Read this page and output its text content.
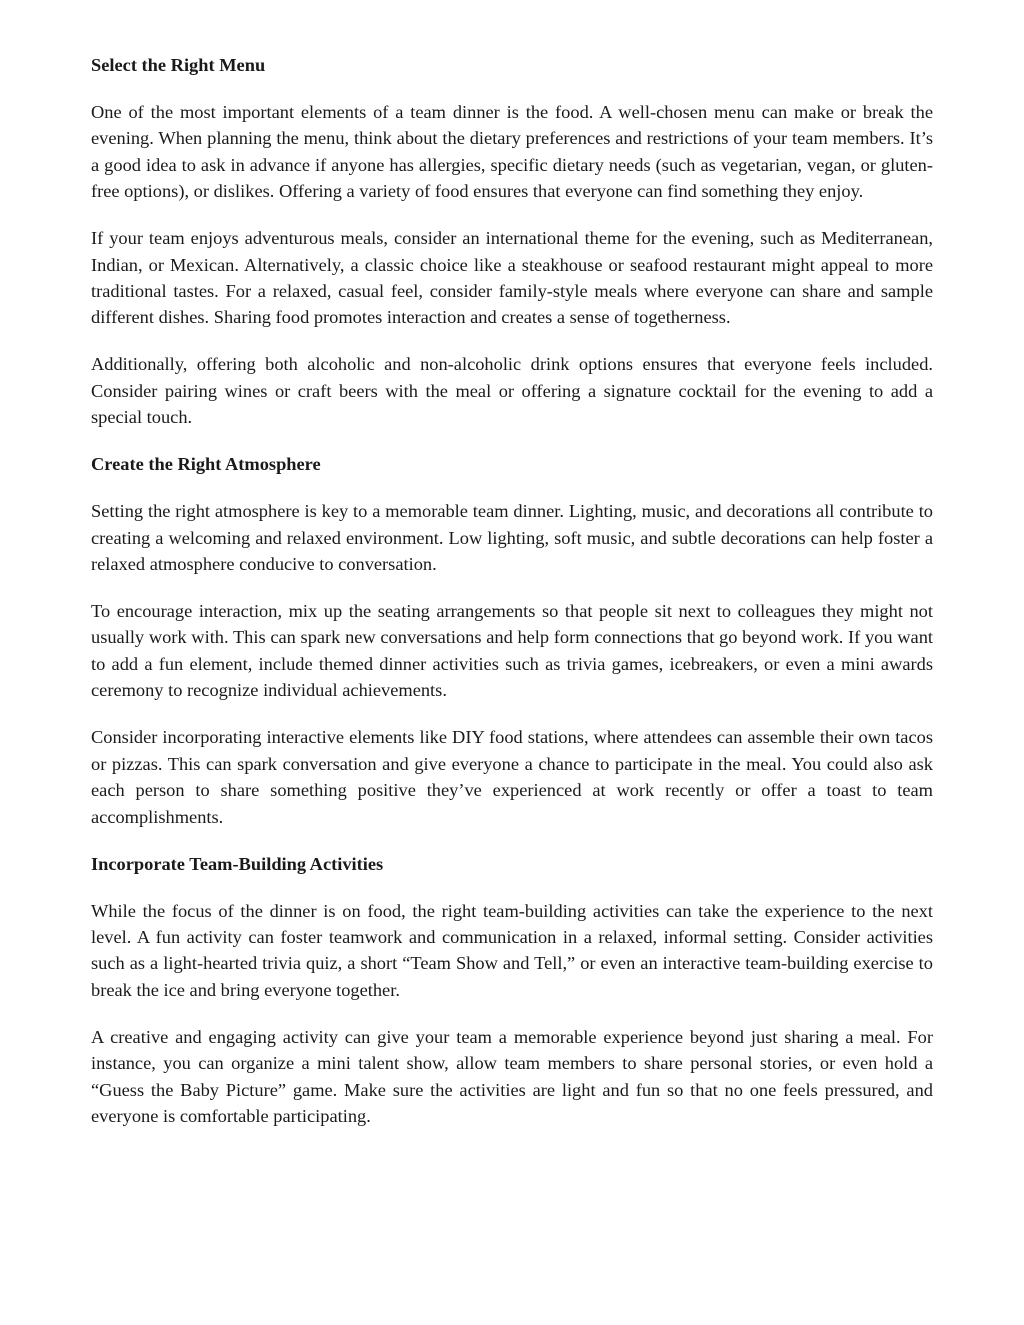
Select the Right Menu

One of the most important elements of a team dinner is the food. A well-chosen menu can make or break the evening. When planning the menu, think about the dietary preferences and restrictions of your team members. It’s a good idea to ask in advance if anyone has allergies, specific dietary needs (such as vegetarian, vegan, or gluten-free options), or dislikes. Offering a variety of food ensures that everyone can find something they enjoy.

If your team enjoys adventurous meals, consider an international theme for the evening, such as Mediterranean, Indian, or Mexican. Alternatively, a classic choice like a steakhouse or seafood restaurant might appeal to more traditional tastes. For a relaxed, casual feel, consider family-style meals where everyone can share and sample different dishes. Sharing food promotes interaction and creates a sense of togetherness.

Additionally, offering both alcoholic and non-alcoholic drink options ensures that everyone feels included. Consider pairing wines or craft beers with the meal or offering a signature cocktail for the evening to add a special touch.

Create the Right Atmosphere

Setting the right atmosphere is key to a memorable team dinner. Lighting, music, and decorations all contribute to creating a welcoming and relaxed environment. Low lighting, soft music, and subtle decorations can help foster a relaxed atmosphere conducive to conversation.

To encourage interaction, mix up the seating arrangements so that people sit next to colleagues they might not usually work with. This can spark new conversations and help form connections that go beyond work. If you want to add a fun element, include themed dinner activities such as trivia games, icebreakers, or even a mini awards ceremony to recognize individual achievements.

Consider incorporating interactive elements like DIY food stations, where attendees can assemble their own tacos or pizzas. This can spark conversation and give everyone a chance to participate in the meal. You could also ask each person to share something positive they’ve experienced at work recently or offer a toast to team accomplishments.

Incorporate Team-Building Activities

While the focus of the dinner is on food, the right team-building activities can take the experience to the next level. A fun activity can foster teamwork and communication in a relaxed, informal setting. Consider activities such as a light-hearted trivia quiz, a short “Team Show and Tell,” or even an interactive team-building exercise to break the ice and bring everyone together.

A creative and engaging activity can give your team a memorable experience beyond just sharing a meal. For instance, you can organize a mini talent show, allow team members to share personal stories, or even hold a “Guess the Baby Picture” game. Make sure the activities are light and fun so that no one feels pressured, and everyone is comfortable participating.
